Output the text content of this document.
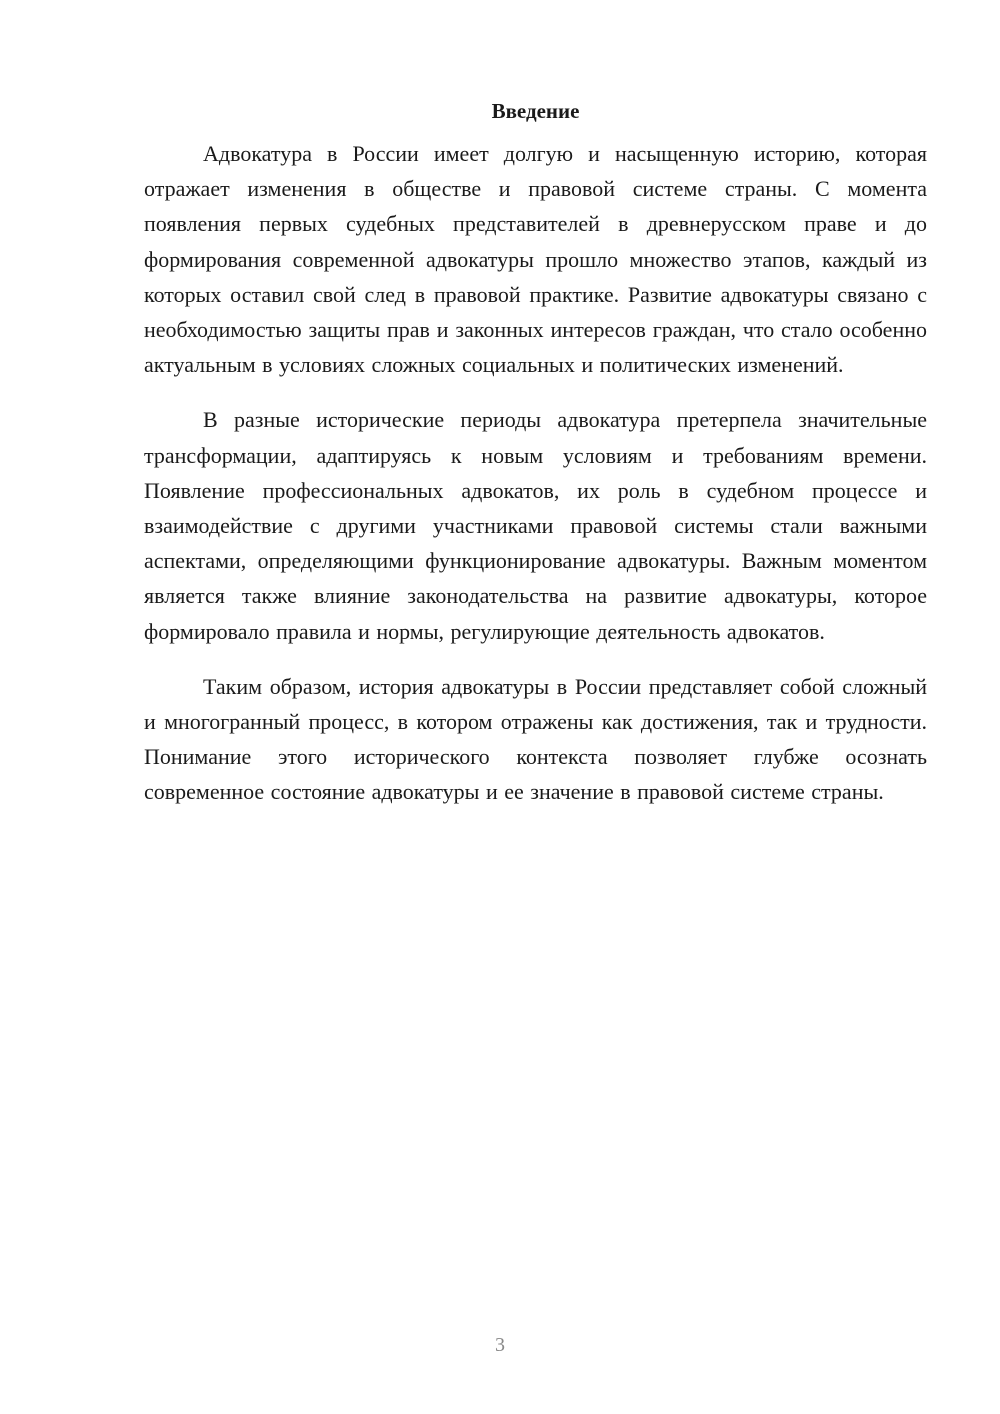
Введение

Адвокатура в России имеет долгую и насыщенную историю, которая отражает изменения в обществе и правовой системе страны. С момента появления первых судебных представителей в древнерусском праве и до формирования современной адвокатуры прошло множество этапов, каждый из которых оставил свой след в правовой практике. Развитие адвокатуры связано с необходимостью защиты прав и законных интересов граждан, что стало особенно актуальным в условиях сложных социальных и политических изменений.

В разные исторические периоды адвокатура претерпела значительные трансформации, адаптируясь к новым условиям и требованиям времени. Появление профессиональных адвокатов, их роль в судебном процессе и взаимодействие с другими участниками правовой системы стали важными аспектами, определяющими функционирование адвокатуры. Важным моментом является также влияние законодательства на развитие адвокатуры, которое формировало правила и нормы, регулирующие деятельность адвокатов.

Таким образом, история адвокатуры в России представляет собой сложный и многогранный процесс, в котором отражены как достижения, так и трудности. Понимание этого исторического контекста позволяет глубже осознать современное состояние адвокатуры и ее значение в правовой системе страны.

3
